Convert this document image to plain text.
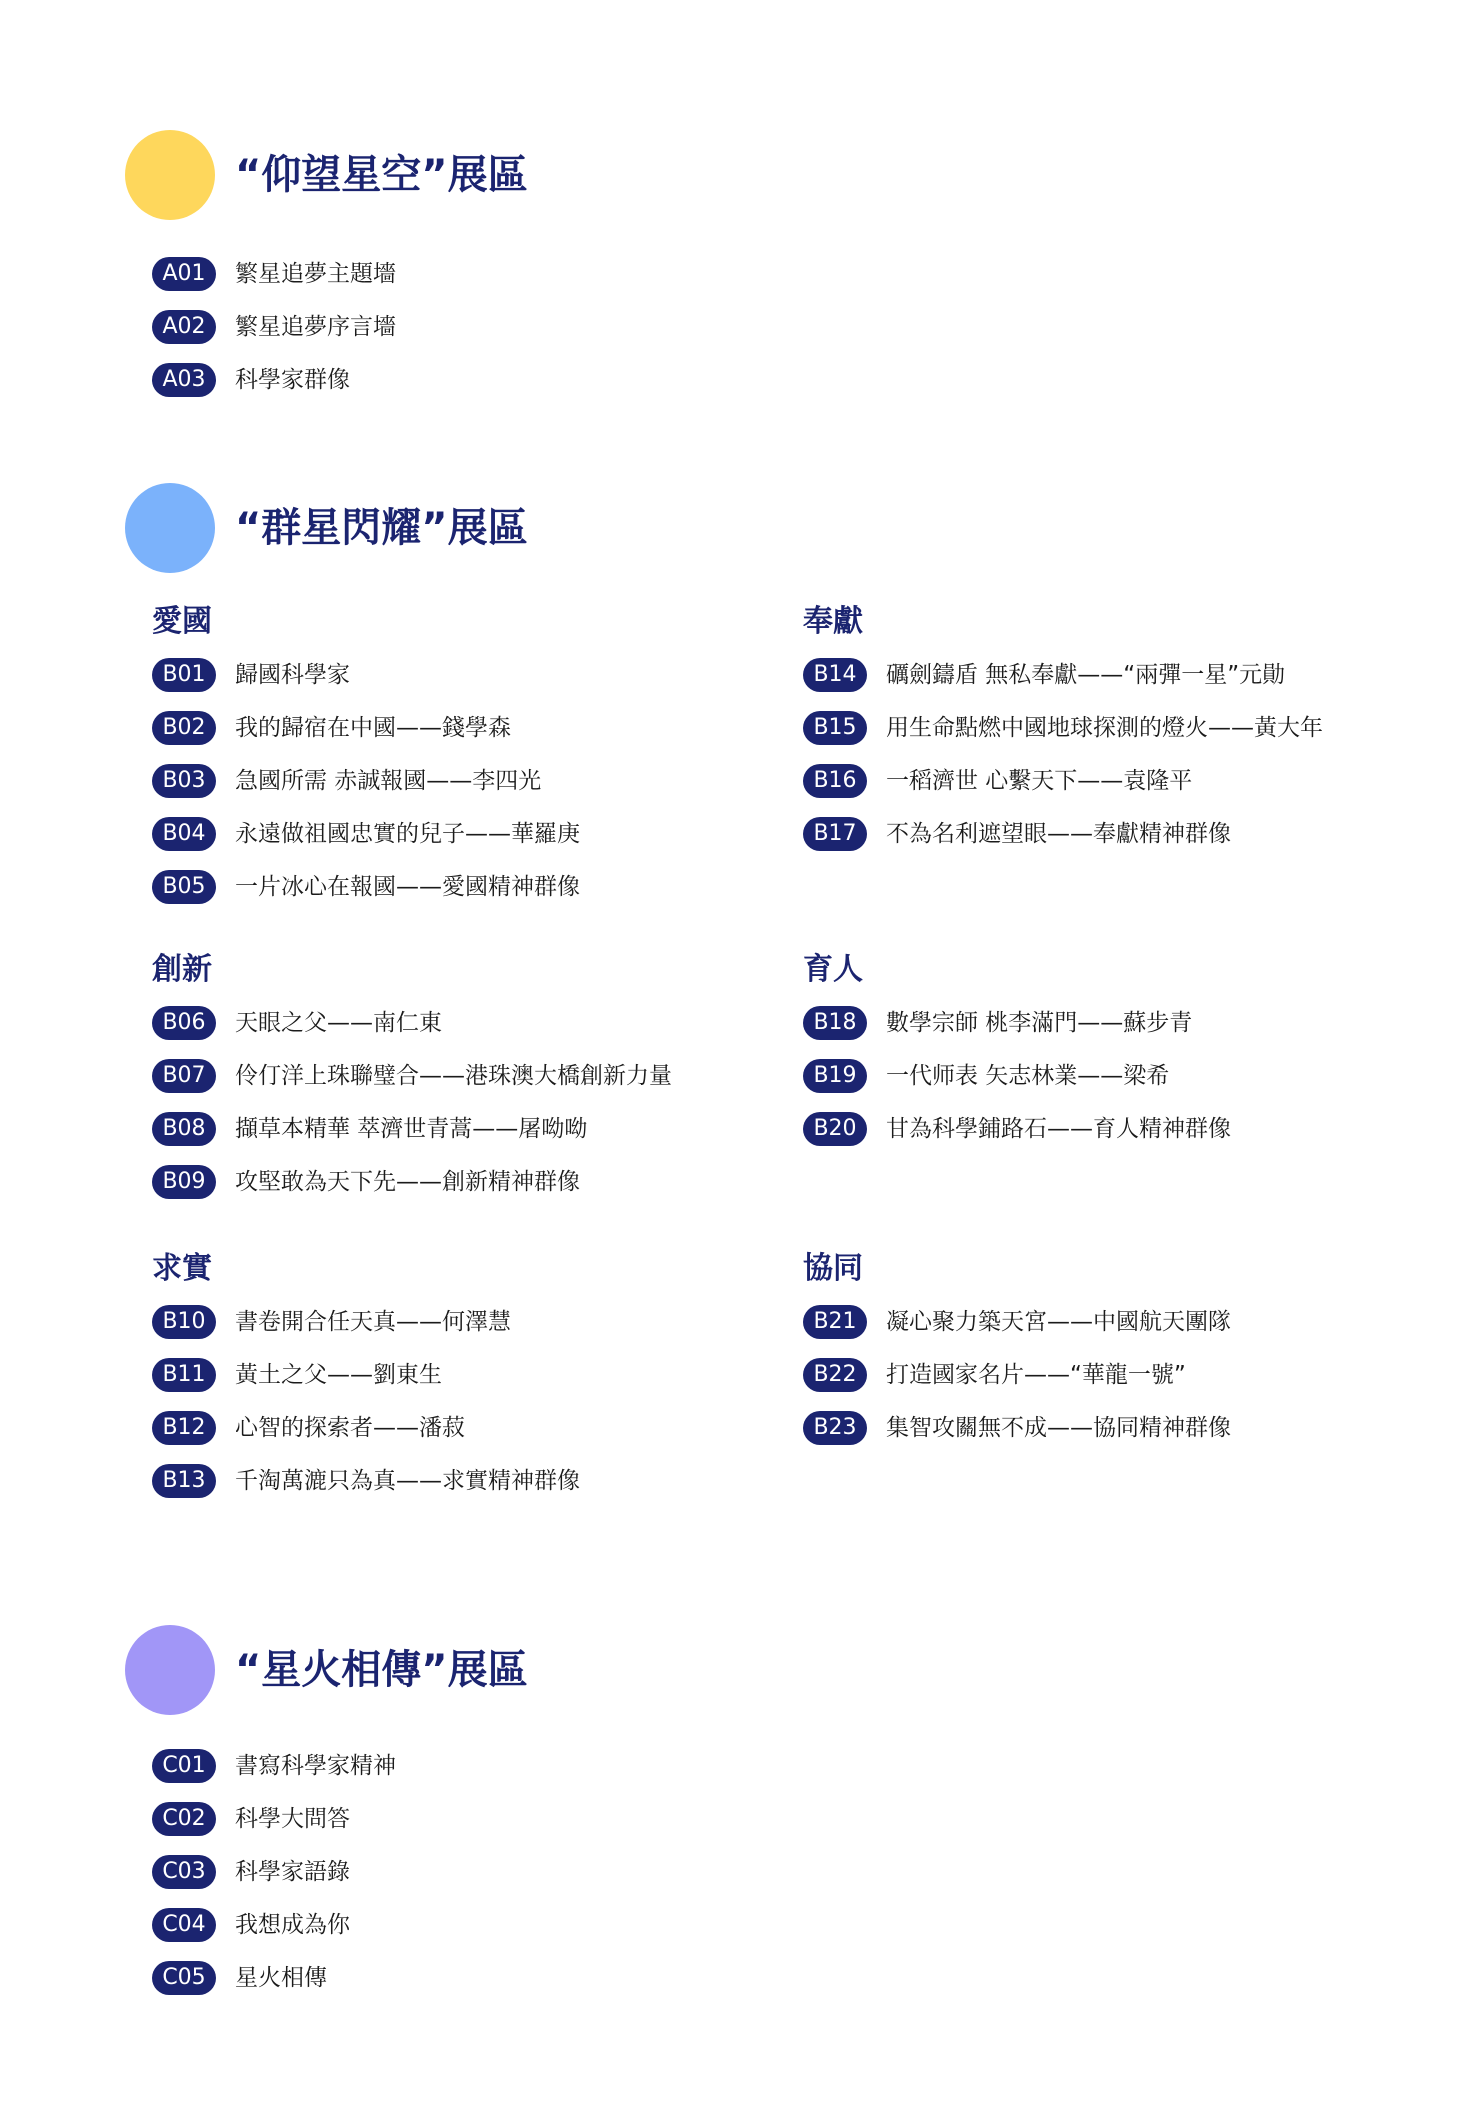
“仰望星空”展區
A01	繁星追夢主題墻
A02	繁星追夢序言墻
A03	科學家群像
“群星閃耀”展區
愛國
B01	歸國科學家
B02	我的歸宿在中國——錢學森
B03	急國所需 赤誠報國——李四光
B04	永遠做祖國忠實的兒子——華羅庚
B05	一片冰心在報國——愛國精神群像
奉獻
B14	礪劍鑄盾 無私奉獻——“兩彈一星”元勛
B15	用生命點燃中國地球探測的燈火——黃大年
B16	一稻濟世 心繫天下——袁隆平
B17	不為名利遮望眼——奉獻精神群像
創新
B06	天眼之父——南仁東
B07	伶仃洋上珠聯璧合——港珠澳大橋創新力量
B08	擷草本精華 萃濟世青蒿——屠呦呦
B09	攻堅敢為天下先——創新精神群像
育人
B18	數學宗師 桃李滿門——蘇步青
B19	一代师表 矢志林業——梁希
B20	甘為科學鋪路石——育人精神群像
求實
B10	書卷開合任天真——何澤慧
B11	黃土之父——劉東生
B12	心智的探索者——潘菽
B13	千淘萬漉只為真——求實精神群像
協同
B21	凝心聚力築天宮——中國航天團隊
B22	打造國家名片——“華龍一號”
B23	集智攻關無不成——協同精神群像
“星火相傳”展區
C01	書寫科學家精神
C02	科學大問答
C03	科學家語錄
C04	我想成為你
C05	星火相傳
